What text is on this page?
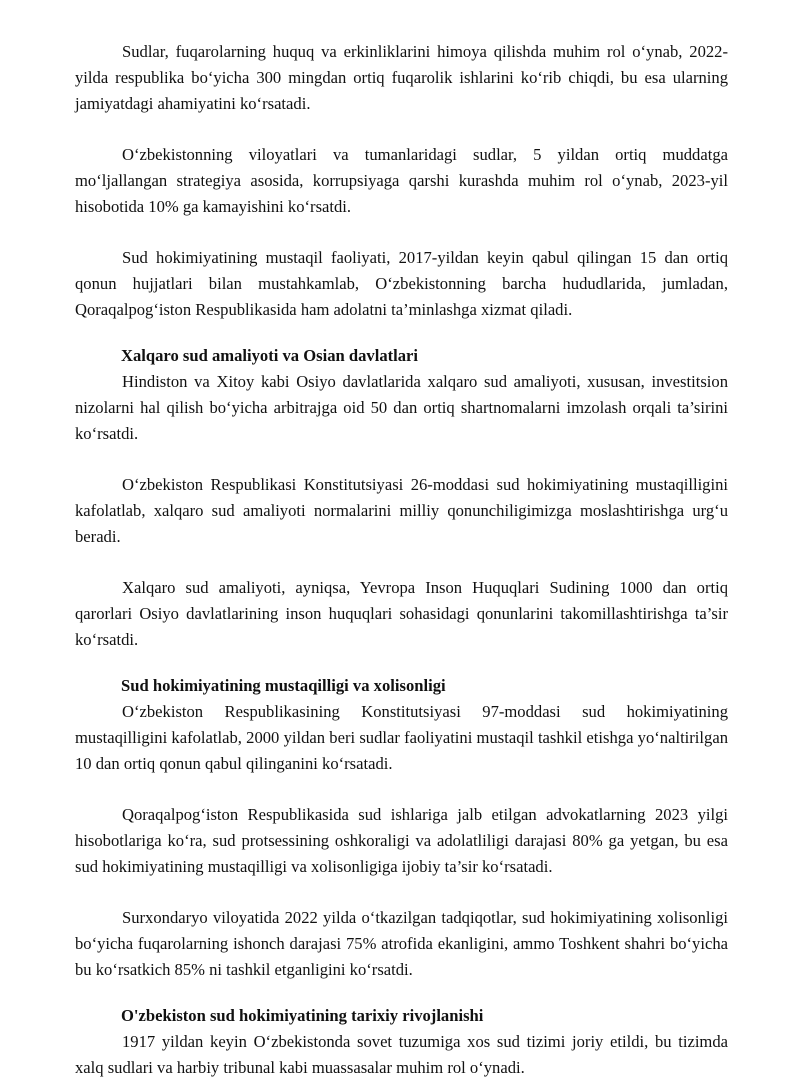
Sudlar, fuqarolarning huquq va erkinliklarini himoya qilishda muhim rol o‘ynab, 2022-yilda respublika bo‘yicha 300 mingdan ortiq fuqarolik ishlarini ko‘rib chiqdi, bu esa ularning jamiyatdagi ahamiyatini ko‘rsatadi.

O‘zbekistonning viloyatlari va tumanlaridagi sudlar, 5 yildan ortiq muddatga mo‘ljallangan strategiya asosida, korrupsiyaga qarshi kurashda muhim rol o‘ynab, 2023-yil hisobotida 10% ga kamayishini ko‘rsatdi.

Sud hokimiyatining mustaqil faoliyati, 2017-yildan keyin qabul qilingan 15 dan ortiq qonun hujjatlari bilan mustahkamlab, O‘zbekistonning barcha hududlarida, jumladan, Qoraqalpog‘iston Respublikasida ham adolatni ta’minlashga xizmat qiladi.

Xalqaro sud amaliyoti va Osian davlatlari

Hindiston va Xitoy kabi Osiyo davlatlarida xalqaro sud amaliyoti, xususan, investitsion nizolarni hal qilish bo‘yicha arbitrajga oid 50 dan ortiq shartnomalarni imzolash orqali ta’sirini ko‘rsatdi.

O‘zbekiston Respublikasi Konstitutsiyasi 26-moddasi sud hokimiyatining mustaqilligini kafolatlab, xalqaro sud amaliyoti normalarini milliy qonunchiligimizga moslashtirishga urg‘u beradi.

Xalqaro sud amaliyoti, ayniqsa, Yevropa Inson Huquqlari Sudining 1000 dan ortiq qarorlari Osiyo davlatlarining inson huquqlari sohasidagi qonunlarini takomillashtirishga ta’sir ko‘rsatdi.

Sud hokimiyatining mustaqilligi va xolisonligi

O‘zbekiston Respublikasining Konstitutsiyasi 97-moddasi sud hokimiyatining mustaqilligini kafolatlab, 2000 yildan beri sudlar faoliyatini mustaqil tashkil etishga yo‘naltirilgan 10 dan ortiq qonun qabul qilinganini ko‘rsatadi.

Qoraqalpog‘iston Respublikasida sud ishlariga jalb etilgan advokatlarning 2023 yilgi hisobotlariga ko‘ra, sud protsessining oshkoraligi va adolatliligi darajasi 80% ga yetgan, bu esa sud hokimiyatining mustaqilligi va xolisonligiga ijobiy ta’sir ko‘rsatadi.

Surxondaryo viloyatida 2022 yilda o‘tkazilgan tadqiqotlar, sud hokimiyatining xolisonligi bo‘yicha fuqarolarning ishonch darajasi 75% atrofida ekanligini, ammo Toshkent shahri bo‘yicha bu ko‘rsatkich 85% ni tashkil etganligini ko‘rsatdi.

O'zbekiston sud hokimiyatining tarixiy rivojlanishi

1917 yildan keyin O‘zbekistonda sovet tuzumiga xos sud tizimi joriy etildi, bu tizimda xalq sudlari va harbiy tribunal kabi muassasalar muhim rol o‘ynadi.
